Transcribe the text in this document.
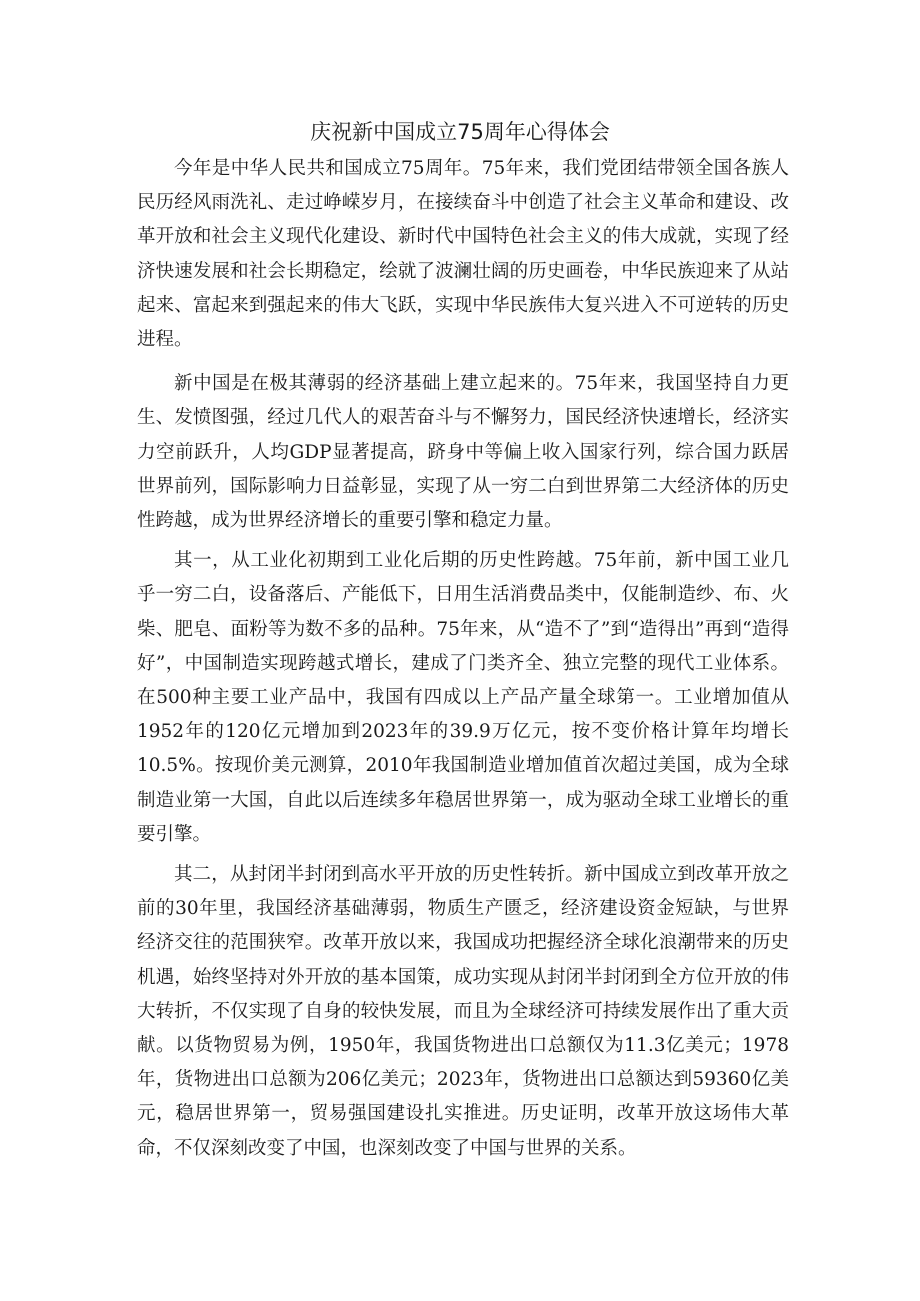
庆祝新中国成立75周年心得体会

今年是中华人民共和国成立75周年。75年来，我们党团结带领全国各族人民历经风雨洗礼、走过峥嵘岁月，在接续奋斗中创造了社会主义革命和建设、改革开放和社会主义现代化建设、新时代中国特色社会主义的伟大成就，实现了经济快速发展和社会长期稳定，绘就了波澜壮阔的历史画卷，中华民族迎来了从站起来、富起来到强起来的伟大飞跃，实现中华民族伟大复兴进入不可逆转的历史进程。

新中国是在极其薄弱的经济基础上建立起来的。75年来，我国坚持自力更生、发愤图强，经过几代人的艰苦奋斗与不懈努力，国民经济快速增长，经济实力空前跃升，人均GDP显著提高，跻身中等偏上收入国家行列，综合国力跃居世界前列，国际影响力日益彰显，实现了从一穷二白到世界第二大经济体的历史性跨越，成为世界经济增长的重要引擎和稳定力量。

其一，从工业化初期到工业化后期的历史性跨越。75年前，新中国工业几乎一穷二白，设备落后、产能低下，日用生活消费品类中，仅能制造纱、布、火柴、肥皂、面粉等为数不多的品种。75年来，从“造不了”到“造得出”再到“造得好”，中国制造实现跨越式增长，建成了门类齐全、独立完整的现代工业体系。在500种主要工业产品中，我国有四成以上产品产量全球第一。工业增加值从1952年的120亿元增加到2023年的39.9万亿元，按不变价格计算年均增长10.5%。按现价美元测算，2010年我国制造业增加值首次超过美国，成为全球制造业第一大国，自此以后连续多年稳居世界第一，成为驱动全球工业增长的重要引擎。

其二，从封闭半封闭到高水平开放的历史性转折。新中国成立到改革开放之前的30年里，我国经济基础薄弱，物质生产匮乏，经济建设资金短缺，与世界经济交往的范围狭窄。改革开放以来，我国成功把握经济全球化浪潮带来的历史机遇，始终坚持对外开放的基本国策，成功实现从封闭半封闭到全方位开放的伟大转折，不仅实现了自身的较快发展，而且为全球经济可持续发展作出了重大贡献。以货物贸易为例，1950年，我国货物进出口总额仅为11.3亿美元；1978年，货物进出口总额为206亿美元；2023年，货物进出口总额达到59360亿美元，稳居世界第一，贸易强国建设扎实推进。历史证明，改革开放这场伟大革命，不仅深刻改变了中国，也深刻改变了中国与世界的关系。
